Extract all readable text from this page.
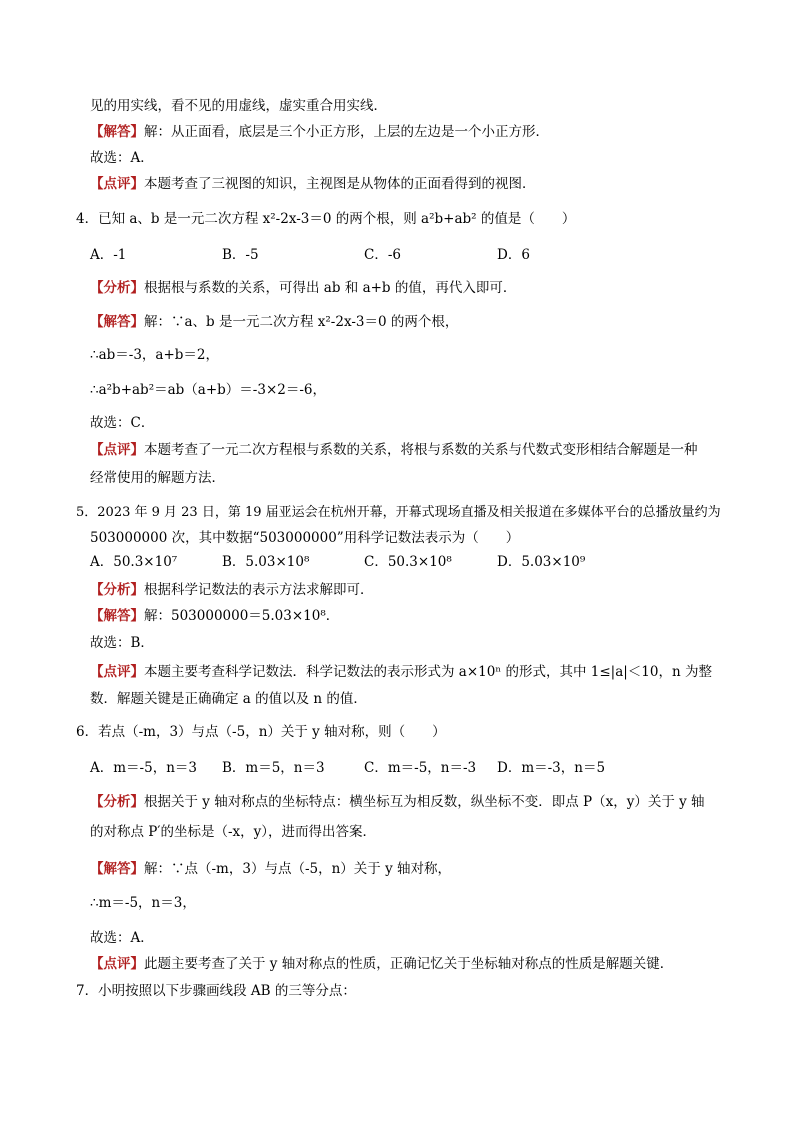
见的用实线，看不见的用虚线，虚实重合用实线．
【解答】解：从正面看，底层是三个小正方形，上层的左边是一个小正方形．
故选：A．
【点评】本题考查了三视图的知识，主视图是从物体的正面看得到的视图．
4．已知 a、b 是一元二次方程 x²-2x-3＝0 的两个根，则 a²b+ab² 的值是（　　）
A．-1	B．-5	C．-6	D．6
【分析】根据根与系数的关系，可得出 ab 和 a+b 的值，再代入即可．
【解答】解：∵a、b 是一元二次方程 x²-2x-3＝0 的两个根，
∴ab＝-3，a+b＝2，
∴a²b+ab²＝ab（a+b）＝-3×2＝-6，
故选：C．
【点评】本题考查了一元二次方程根与系数的关系，将根与系数的关系与代数式变形相结合解题是一种
经常使用的解题方法．
5．2023 年 9 月 23 日，第 19 届亚运会在杭州开幕，开幕式现场直播及相关报道在多媒体平台的总播放量约为
503000000 次，其中数据“503000000”用科学记数法表示为（　　）
A．50.3×10⁷	B．5.03×10⁸	C．50.3×10⁸	D．5.03×10⁹
【分析】根据科学记数法的表示方法求解即可．
【解答】解：503000000＝5.03×10⁸．
故选：B．
【点评】本题主要考查科学记数法．科学记数法的表示形式为 a×10ⁿ 的形式，其中 1≤|a|＜10，n 为整
数．解题关键是正确确定 a 的值以及 n 的值．
6．若点（-m，3）与点（-5，n）关于 y 轴对称，则（　　）
A．m＝-5，n＝3 B．m＝5，n＝3	C．m＝-5，n＝-3 D．m＝-3，n＝5
【分析】根据关于 y 轴对称点的坐标特点：横坐标互为相反数，纵坐标不变．即点 P（x，y）关于 y 轴
的对称点 P′的坐标是（-x，y），进而得出答案．
【解答】解：∵点（-m，3）与点（-5，n）关于 y 轴对称，
∴m＝-5，n＝3，
故选：A．
【点评】此题主要考查了关于 y 轴对称点的性质，正确记忆关于坐标轴对称点的性质是解题关键．
7．小明按照以下步骤画线段 AB 的三等分点：
